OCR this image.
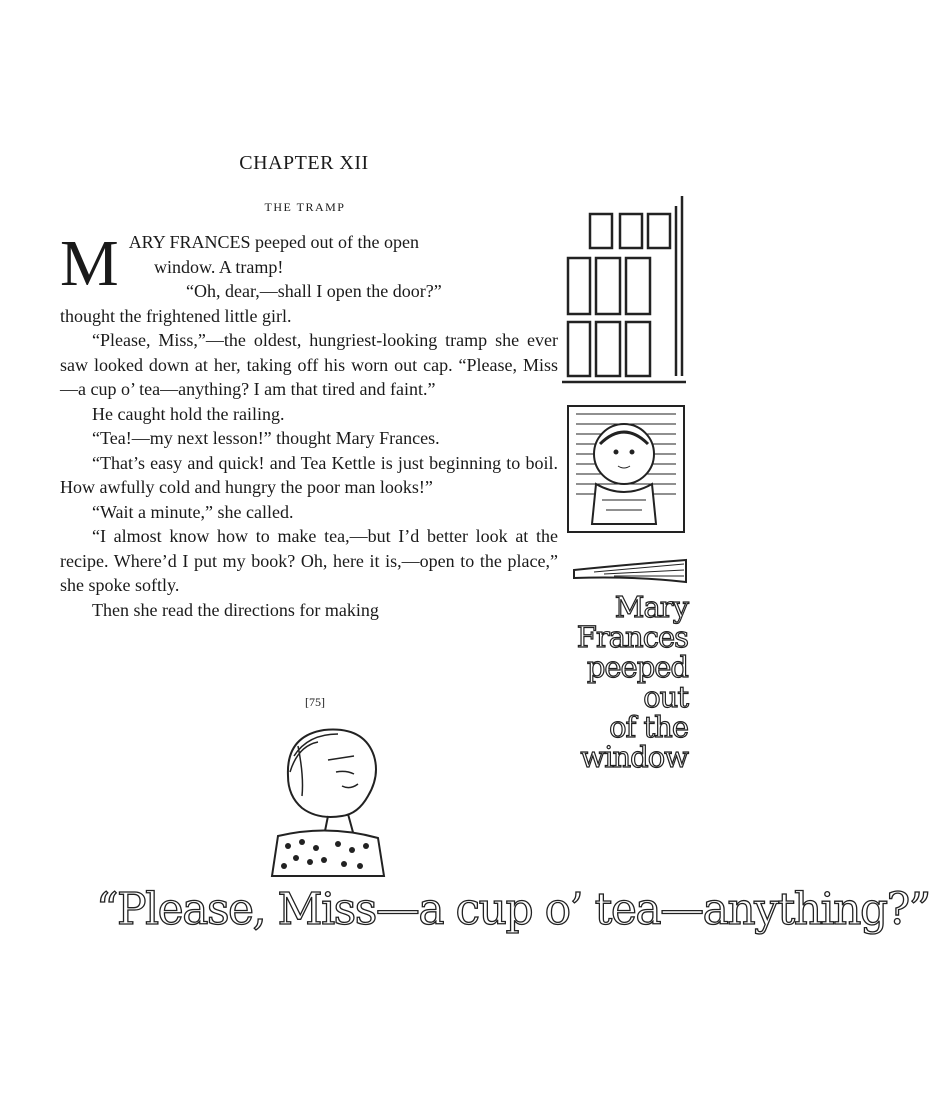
CHAPTER XII
THE TRAMP

M ARY FRANCES peeped out of the open
window. A tramp!

“Oh, dear,—shall I open the door?”

thought the frightened little girl.

“Please, Miss,”—the oldest, hungriest-looking tramp she ever saw looked down at her, taking off his worn out cap. “Please, Miss—a cup o’ tea—anything? I am that tired and faint.”

He caught hold the railing.

“Tea!—my next lesson!” thought Mary Frances.

“That’s easy and quick! and Tea Kettle is just beginning to boil. How awfully cold and hungry the poor man looks!”

“Wait a minute,” she called.

“I almost know how to make tea,—but I’d better look at the recipe. Where’d I put my book? Oh, here it is,—open to the place,” she spoke softly.

Then she read the directions for making

[75]
Mary
Frances
peeped out
of the
window
“Please, Miss—a cup o’ tea—anything?”
